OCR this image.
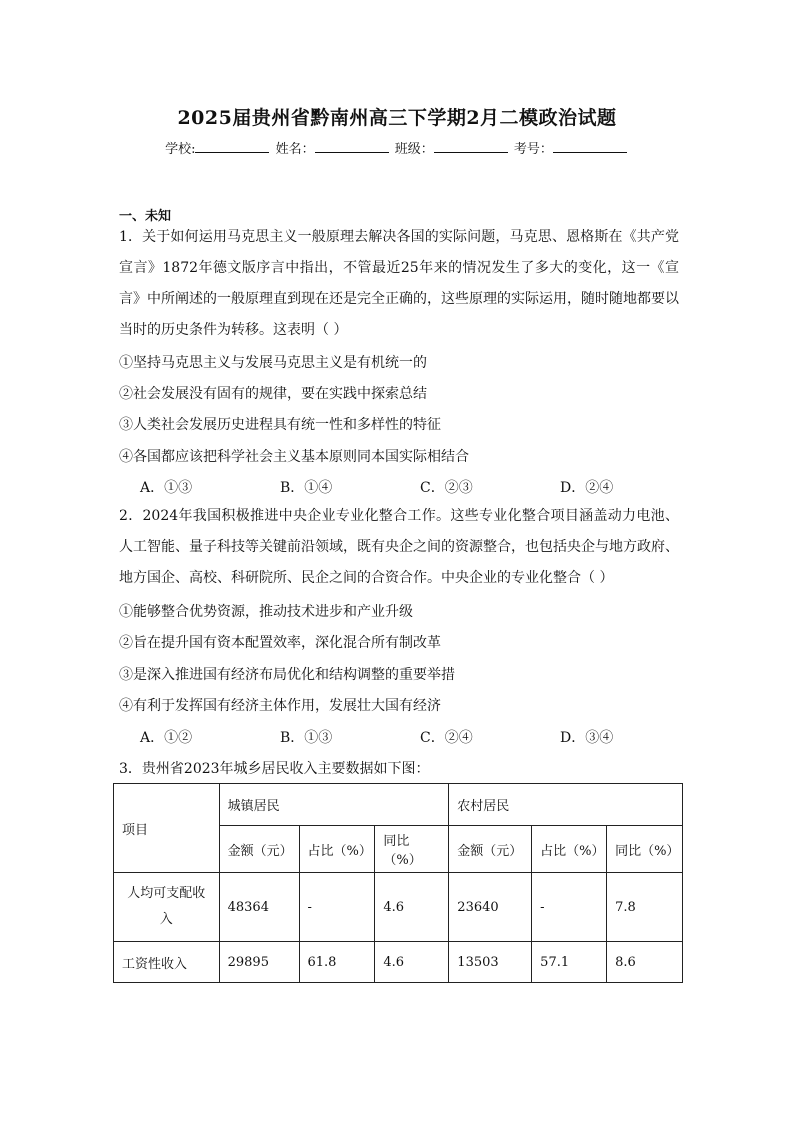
2025届贵州省黔南州高三下学期2月二模政治试题
学校:	姓名：	班级：	考号：
一、未知
1．关于如何运用马克思主义一般原理去解决各国的实际问题，马克思、恩格斯在《共产党宣言》1872年德文版序言中指出，不管最近25年来的情况发生了多大的变化，这一《宣言》中所阐述的一般原理直到现在还是完全正确的，这些原理的实际运用，随时随地都要以当时的历史条件为转移。这表明（ ）
①坚持马克思主义与发展马克思主义是有机统一的
②社会发展没有固有的规律，要在实践中探索总结
③人类社会发展历史进程具有统一性和多样性的特征
④各国都应该把科学社会主义基本原则同本国实际相结合
A．①③	B．①④	C．②③	D．②④
2．2024年我国积极推进中央企业专业化整合工作。这些专业化整合项目涵盖动力电池、人工智能、量子科技等关键前沿领域，既有央企之间的资源整合，也包括央企与地方政府、地方国企、高校、科研院所、民企之间的合资合作。中央企业的专业化整合（ ）
①能够整合优势资源，推动技术进步和产业升级
②旨在提升国有资本配置效率，深化混合所有制改革
③是深入推进国有经济布局优化和结构调整的重要举措
④有利于发挥国有经济主体作用，发展壮大国有经济
A．①②	B．①③	C．②④	D．③④
3．贵州省2023年城乡居民收入主要数据如下图：
项目	城镇居民			农村居民		
	金额（元）	占比（%）	同比（%）	金额（元）	占比（%）	同比（%）
人均可支配收入	48364	-	4.6	23640	-	7.8
工资性收入	29895	61.8	4.6	13503	57.1	8.6
